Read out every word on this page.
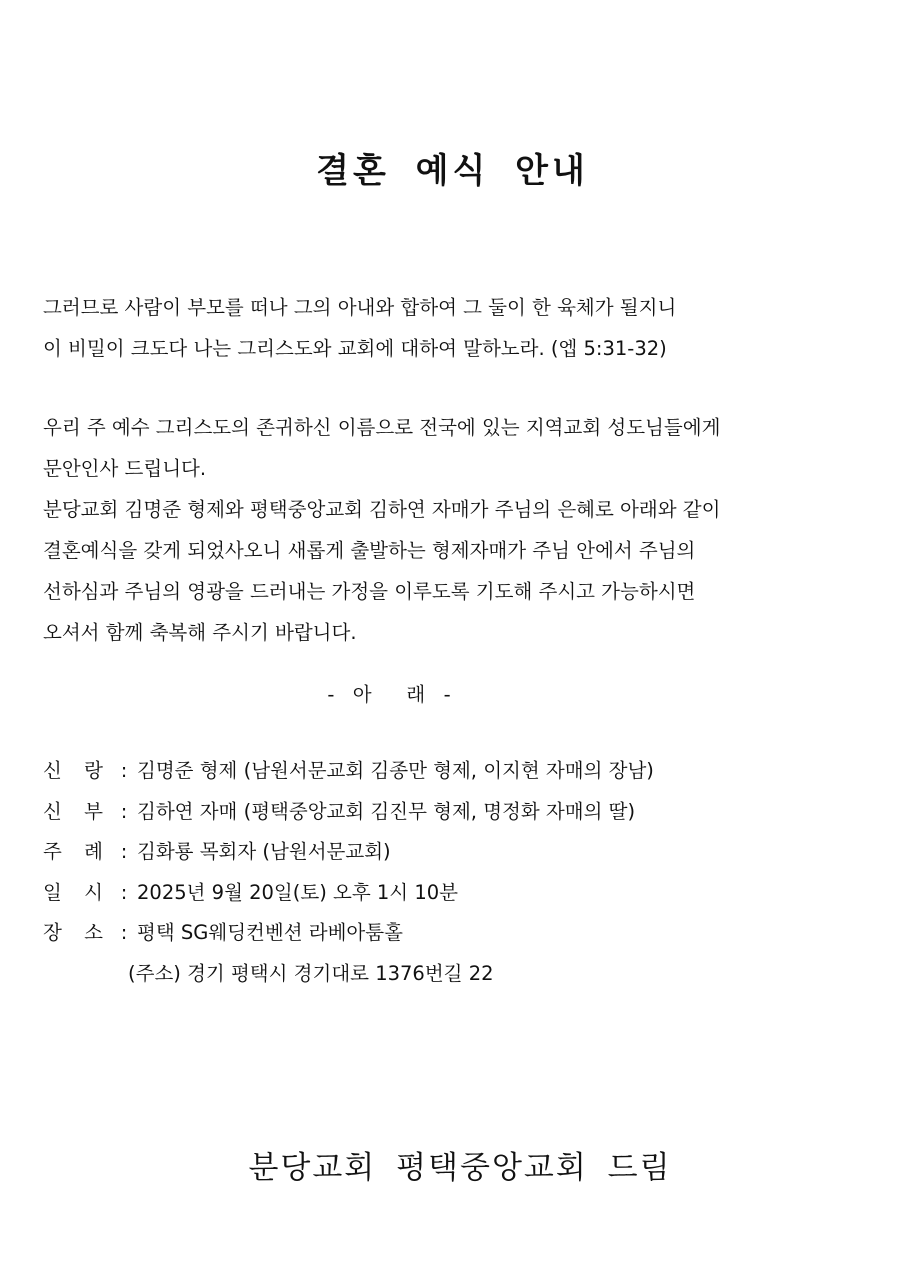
결혼 예식 안내
그러므로 사람이 부모를 떠나 그의 아내와 합하여 그 둘이 한 육체가 될지니
이 비밀이 크도다 나는 그리스도와 교회에 대하여 말하노라. (엡 5:31-32)
우리 주 예수 그리스도의 존귀하신 이름으로 전국에 있는 지역교회 성도님들에게
문안인사 드립니다.
분당교회 김명준 형제와 평택중앙교회 김하연 자매가 주님의 은혜로 아래와 같이
결혼예식을 갖게 되었사오니 새롭게 출발하는 형제자매가 주님 안에서 주님의
선하심과 주님의 영광을 드러내는 가정을 이루도록 기도해 주시고 가능하시면
오셔서 함께 축복해 주시기 바랍니다.
-  아    래  -
신 랑 : 김명준 형제 (남원서문교회 김종만 형제, 이지현 자매의 장남)
신 부 : 김하연 자매 (평택중앙교회 김진무 형제, 명정화 자매의 딸)
주 례 : 김화룡 목회자 (남원서문교회)
일 시 : 2025년 9월 20일(토) 오후 1시 10분
장 소 : 평택 SG웨딩컨벤션 라베아툼홀
(주소) 경기 평택시 경기대로 1376번길 22
분당교회 평택중앙교회 드림
